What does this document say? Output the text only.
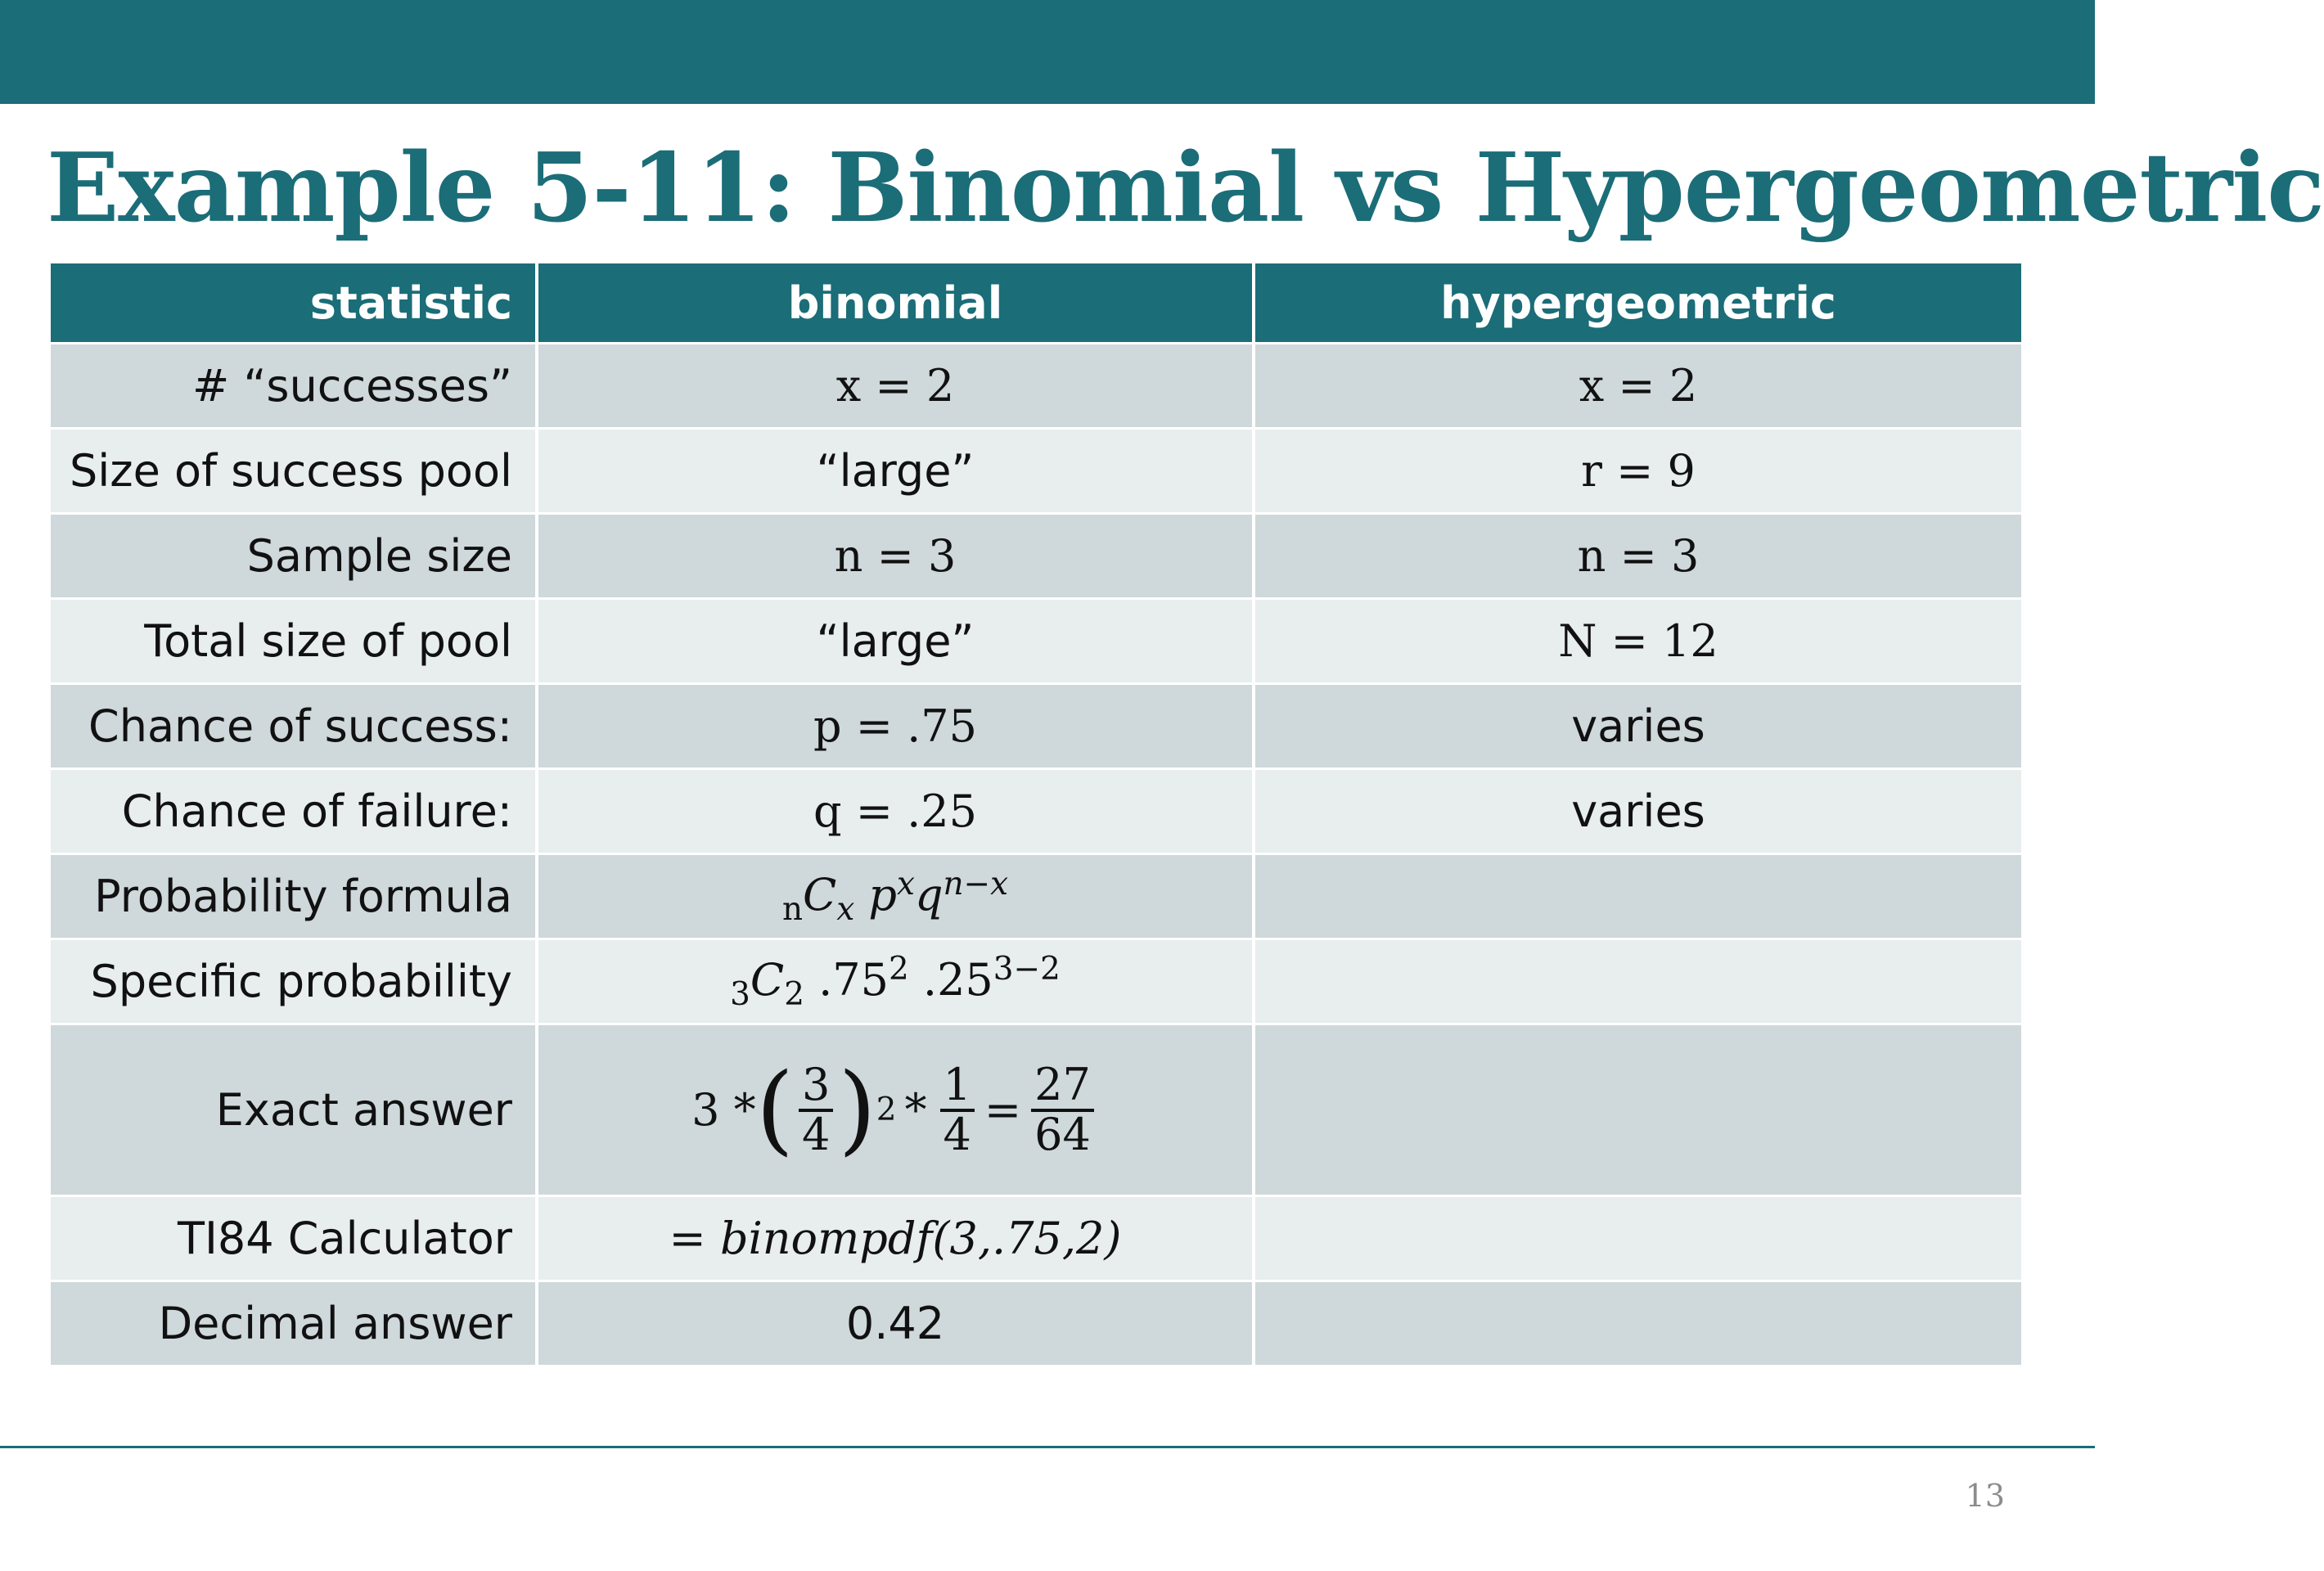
Example 5-11: Binomial vs Hypergeometric
statistic	binomial	hypergeometric
# “successes”	x = 2	x = 2
Size of success pool	“large”	r = 9
Sample size	n = 3	n = 3
Total size of pool	“large”	N = 12
Chance of success:	p = .75	varies
Chance of failure:	q = .25	varies
Probability formula	$_nC_x$ $p^xq^{n-x}$
Specific probability	$_3C_2$ $.75^2$ $.25^{3-2}$
Exact answer	3 * ( $\frac{3}{4}$ ) $2 * \frac{1}{4} = \frac{27}{64}$
TI84 Calculator	= binompdf(3,.75,2)
Decimal answer	0.42
13
